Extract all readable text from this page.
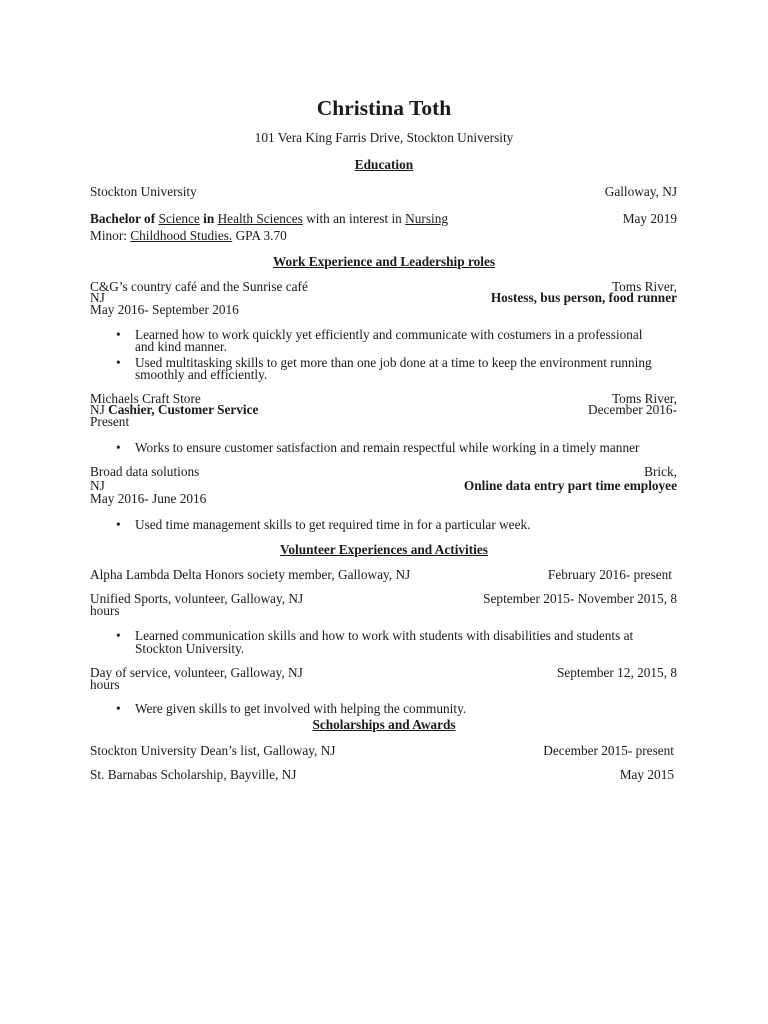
Christina Toth
101 Vera King Farris Drive, Stockton University
Education
Stockton University	Galloway, NJ
Bachelor of Science in Health Sciences with an interest in Nursing	May 2019
Minor: Childhood Studies. GPA 3.70
Work Experience and Leadership roles
C&G’s country café and the Sunrise café	Toms River,
NJ	Hostess, bus person, food runner
May 2016- September 2016
• Learned how to work quickly yet efficiently and communicate with costumers in a professional
and kind manner.
• Used multitasking skills to get more than one job done at a time to keep the environment running
smoothly and efficiently.
Michaels Craft Store	Toms River,
NJ Cashier, Customer Service	December 2016-
Present
• Works to ensure customer satisfaction and remain respectful while working in a timely manner
Broad data solutions	Brick,
NJ	Online data entry part time employee
May 2016- June 2016
• Used time management skills to get required time in for a particular week.
Volunteer Experiences and Activities
Alpha Lambda Delta Honors society member, Galloway, NJ	February 2016- present
Unified Sports, volunteer, Galloway, NJ	September 2015- November 2015, 8
hours
• Learned communication skills and how to work with students with disabilities and students at
Stockton University.
Day of service, volunteer, Galloway, NJ	September 12, 2015, 8
hours
• Were given skills to get involved with helping the community.
Scholarships and Awards
Stockton University Dean’s list, Galloway, NJ	December 2015- present
St. Barnabas Scholarship, Bayville, NJ	May 2015
